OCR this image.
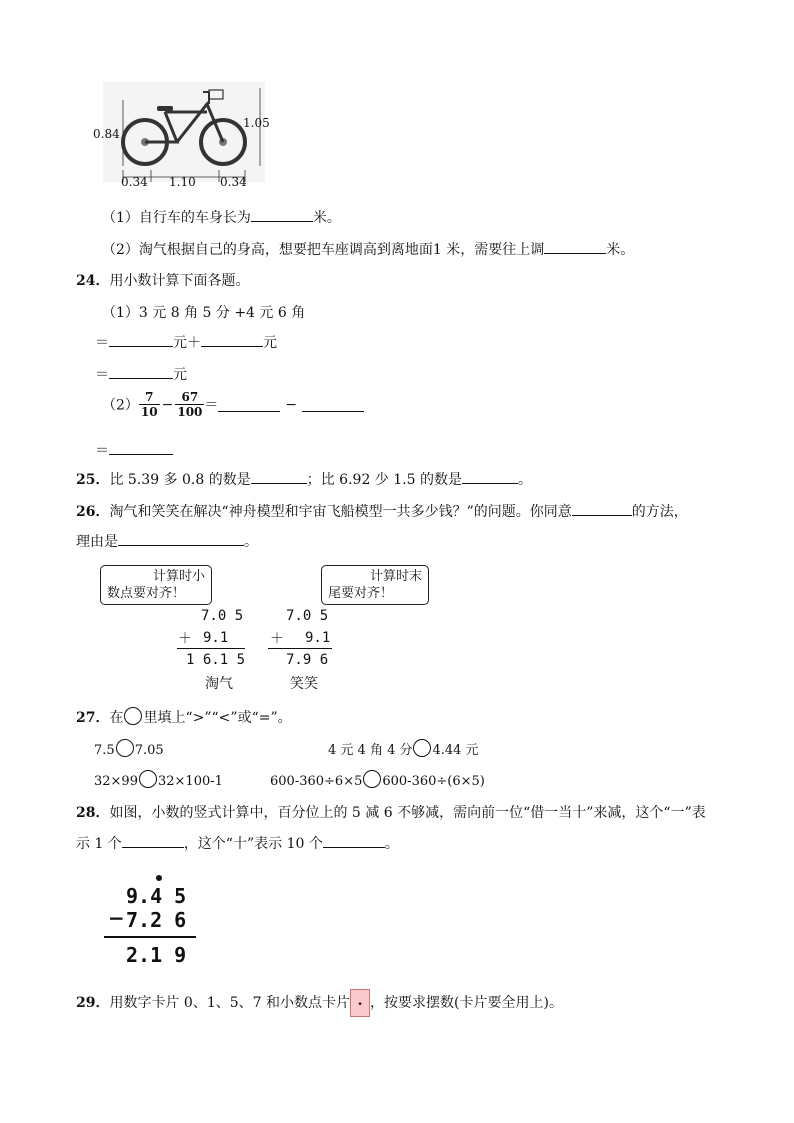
0.84
1.05
0.34 1.10 0.34
（1）自行车的车身长为	米。
（2）淘气根据自己的身高，想要把车座调高到离地面1 米，需要往上调	米。
24．用小数计算下面各题。
（1）3 元 8 角 5 分 +4 元 6 角
＝	元＋	元
＝	元
$(2) \frac{7}{10} - \frac{67}{100}$ ＝	−
＝
25．比 5.39 多 0.8 的数是	；比 6.92 少 1.5 的数是	。
26．淘气和笑笑在解决“神舟模型和宇宙飞船模型一共多少钱？”的问题。你同意	的方法，
理由是	。
计算时小
数点要对齐！
计算时末
尾要对齐！
7.0 5
＋ 9.1
1 6.1 5
淘气
7.0 5
＋ 9.1
7.9 6
笑笑
27．在 里填上“>”“<”或“=”。
7.5 7.05	4 元 4 角 4 分 4.44 元
32×99 32×100-1	600-360÷6×5 600-360÷(6×5)
28．如图，小数的竖式计算中，百分位上的 5 减 6 不够减，需向前一位“借一当十”来减，这个“一”表
示 1 个	，这个“十”表示 10 个	。
9.4 5
− 7.2 6
2.1 9
29．用数字卡片 0、1、5、7 和小数点卡片 . ，按要求摆数(卡片要全用上)。
